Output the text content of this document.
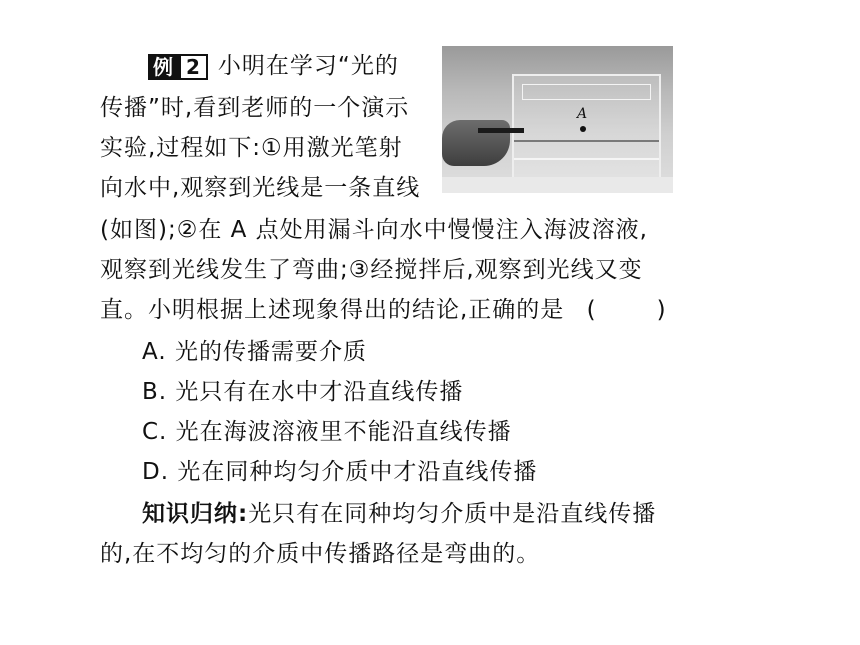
例 2 小明在学习“光的
传播”时,看到老师的一个演示
实验,过程如下:①用激光笔射
向水中,观察到光线是一条直线
(如图);②在 A 点处用漏斗向水中慢慢注入海波溶液,
观察到光线发生了弯曲;③经搅拌后,观察到光线又变
直。小明根据上述现象得出的结论,正确的是 (	)
A
A. 光的传播需要介质
B. 光只有在水中才沿直线传播
C. 光在海波溶液里不能沿直线传播
D. 光在同种均匀介质中才沿直线传播
知识归纳:光只有在同种均匀介质中是沿直线传播
的,在不均匀的介质中传播路径是弯曲的。
